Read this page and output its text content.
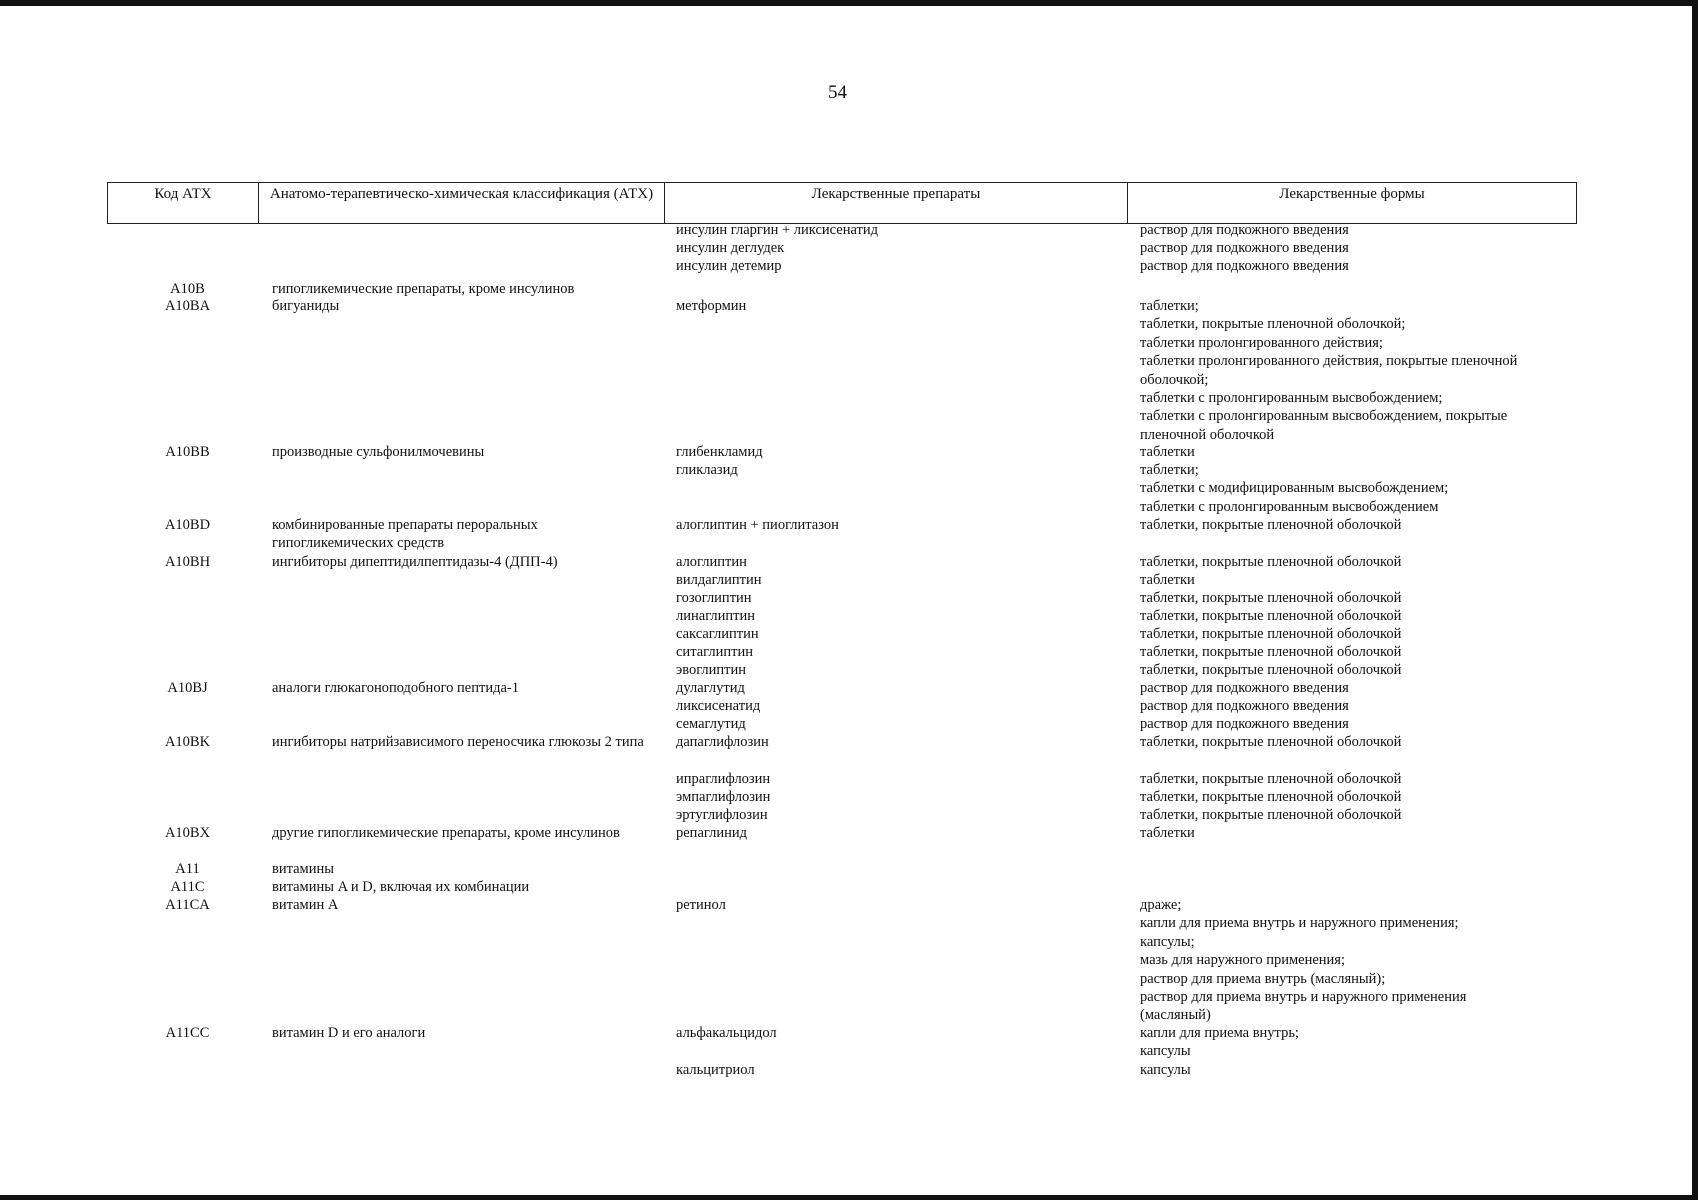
54
Код АТХ	Анатомо-терапевтическо-химическая классификация (АТХ)	Лекарственные препараты	Лекарственные формы
инсулин гларгин + ликсисенатид	раствор для подкожного введения
инсулин деглудек	раствор для подкожного введения
инсулин детемир	раствор для подкожного введения
A10B	гипогликемические препараты, кроме инсулинов
A10BA	бигуаниды	метформин	таблетки;
таблетки, покрытые пленочной оболочкой;
таблетки пролонгированного действия;
таблетки пролонгированного действия, покрытые пленочной
оболочкой;
таблетки с пролонгированным высвобождением;
таблетки с пролонгированным высвобождением, покрытые
пленочной оболочкой
A10BB	производные сульфонилмочевины	глибенкламид	таблетки
гликлазид	таблетки;
таблетки с модифицированным высвобождением;
таблетки с пролонгированным высвобождением
A10BD	комбинированные препараты пероральных гипогликемических средств
алоглиптин + пиоглитазон	таблетки, покрытые пленочной оболочкой
A10BH	ингибиторы дипептидилпептидазы-4 (ДПП-4)	алоглиптин	таблетки, покрытые пленочной оболочкой
вилдаглиптин	таблетки
гозоглиптин	таблетки, покрытые пленочной оболочкой
линаглиптин	таблетки, покрытые пленочной оболочкой
саксаглиптин	таблетки, покрытые пленочной оболочкой
ситаглиптин	таблетки, покрытые пленочной оболочкой
эвоглиптин	таблетки, покрытые пленочной оболочкой
A10BJ	аналоги глюкагоноподобного пептида-1	дулаглутид	раствор для подкожного введения
ликсисенатид	раствор для подкожного введения
семаглутид	раствор для подкожного введения
A10BK	ингибиторы натрийзависимого переносчика глюкозы 2 типа	дапаглифлозин	таблетки, покрытые пленочной оболочкой
ипраглифлозин	таблетки, покрытые пленочной оболочкой
эмпаглифлозин	таблетки, покрытые пленочной оболочкой
эртуглифлозин	таблетки, покрытые пленочной оболочкой
A10BX	другие гипогликемические препараты, кроме инсулинов	репаглинид	таблетки
A11	витамины
A11C	витамины A и D, включая их комбинации
A11CA	витамин A	ретинол	драже;
капли для приема внутрь и наружного применения;
капсулы;
мазь для наружного применения;
раствор для приема внутрь (масляный);
раствор для приема внутрь и наружного применения
(масляный)
A11CC	витамин D и его аналоги	альфакальцидол	капли для приема внутрь;
капсулы
кальцитриол	капсулы
